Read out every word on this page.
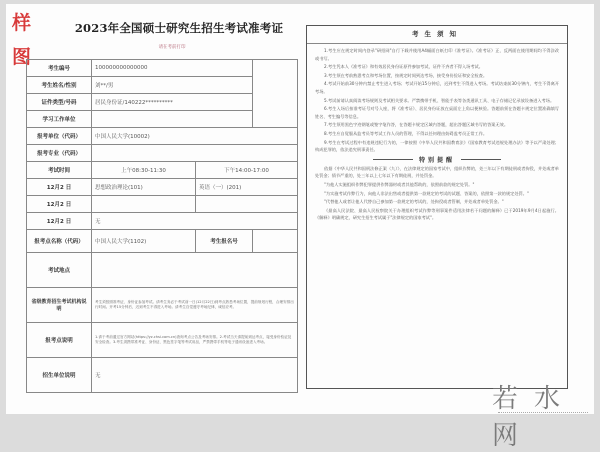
样
图
2023年全国硕士研究生招生考试准考证
请在考前打印
考生编号	100000000000000		
考生姓名/性别	刘**/男		
证件类型/号码	居民身份证/140222**********		
学习工作单位			
报考单位（代码）	中国人民大学(10002)		
报考专业（代码）			
考试时间	上午08:30-11:30	下午14:00-17:00	
12月2 日	思想政治理论(101)	英语（一）(201)	
12月2 日			
12月2 日	无		
报考点名称（代码）	中国人民大学(1102)	考生报名号	
考试地点			
省级教育招生考试机构说明	考生须按照准考证、身份证参加考试。请考生务必于考试前一日(12月22日)到考点熟悉考场位置，提前规划行程，合理安排出行时间。开考15分钟后，迟到考生不得进入考场。请考生自觉遵守考场纪律，诚信应考。		
报考点说明	1.请于考前通过官方网站(https://yz.chsi.com.cn)查询考点公告及考场安排。2.考试当天请提前到达考点，接受身份验证及安全检查。3.考生须携带准考证、身份证、黑色签字笔等考试用品，严禁携带手机等电子通讯设备进入考场。		
招生单位说明	无		
考生须知

1.考生应在规定时间内登录"研招网"自行下载并使用A4幅面白纸打印《准考证》。《准考证》正、反两面在使用期间均不得涂改或书写。

2.考生凭本人《准考证》和有效居民身份证原件参加考试，证件不齐者不得入场考试。

3.考生须在考前熟悉考点和考场位置，按规定时间到达考场，接受身份验证和安全检查。

4.考试开始前30分钟内禁止考生进入考场；考试开始15分钟后，迟到考生不得进入考场。考试结束前30分钟内，考生不得离开考场。

5.考试前请认真阅读考场规则及考试相关要求。严禁携带手机、智能手表等各类通讯工具、电子存储记忆录放设备进入考场。

6.考生入场后按准考证号对号入座，将《准考证》、居民身份证放在桌面左上角以便核验。答题前须在答题卡规定位置准确填写姓名、考生编号等信息。

7.考生须用黑色字迹钢笔或签字笔作答，在答题卡规定区域内答题，超出答题区域书写的答案无效。

8.考生应自觉服从监考员等考试工作人员的管理，不得以任何理由妨碍监考员正常工作。

9.考生在考试过程中有违规违纪行为的，一律按照《中华人民共和国教育法》《国家教育考试违规处理办法》等予以严肃处理；构成犯罪的，依法追究刑事责任。

特别提醒

依据《中华人民共和国刑法修正案（九）》，在法律规定的国家考试中，组织作弊的，处三年以下有期徒刑或者拘役，并处或者单处罚金；情节严重的，处三年以上七年以下有期徒刑，并处罚金。

"为他人实施组织作弊犯罪提供作弊器材或者其他帮助的，依照前款的规定处罚。"

"为实施考试作弊行为，向他人非法出售或者提供第一款规定的考试的试题、答案的，依照第一款的规定处罚。"

"代替他人或者让他人代替自己参加第一款规定的考试的，处拘役或者管制，并处或者单处罚金。"

《最高人民法院、最高人民检察院关于办理组织考试作弊等刑事案件适用法律若干问题的解释》已于2019年9月4日起施行。《解释》明确规定，研究生招生考试属于"法律规定的国家考试"。

若水网
